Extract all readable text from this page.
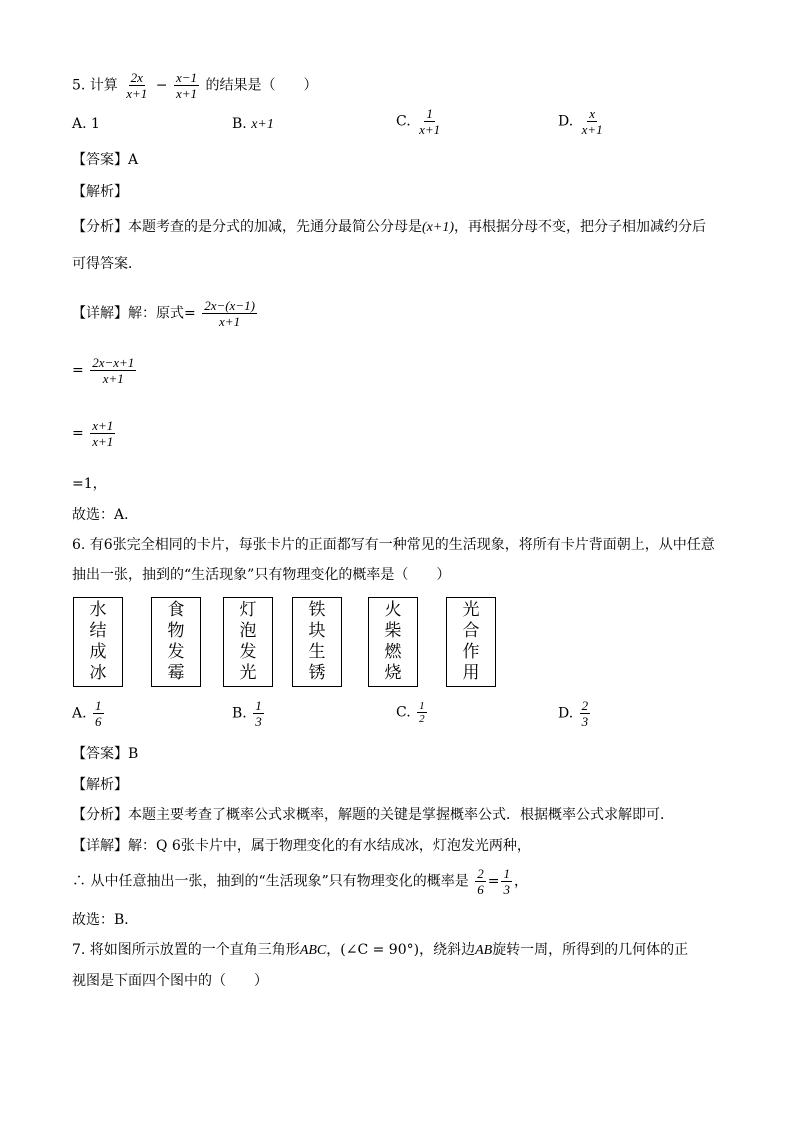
5. 计算 $\frac{2x}{x+1} - \frac{x-1}{x+1}$ 的结果是（　　）
A. 1	B. x+1	C. $\frac{1}{x+1}$	D. $\frac{x}{x+1}$
【答案】A
【解析】
【分析】本题考查的是分式的加减，先通分最简公分母是(x+1)，再根据分母不变，把分子相加减约分后
可得答案．
【详解】解：原式= $\frac{2x-(x-1)}{x+1}$
= $\frac{2x-x+1}{x+1}$
= $\frac{x+1}{x+1}$
=1，
故选：A．
6. 有6张完全相同的卡片，每张卡片的正面都写有一种常见的生活现象，将所有卡片背面朝上，从中任意
抽出一张，抽到的“生活现象”只有物理变化的概率是（　　）
水
结
成
冰
食
物
发
霉
灯
泡
发
光
铁
块
生
锈
火
柴
燃
烧
光
合
作
用
A. $\frac{1}{6}$	B. $\frac{1}{3}$	C. $\frac{1}{2}$	D. $\frac{2}{3}$
【答案】B
【解析】
【分析】本题主要考查了概率公式求概率，解题的关键是掌握概率公式．根据概率公式求解即可．
【详解】解：Q 6张卡片中，属于物理变化的有水结成冰，灯泡发光两种，
∴ 从中任意抽出一张，抽到的“生活现象”只有物理变化的概率是 $\frac{2}{6} = \frac{1}{3}$ ，
故选：B．
7. 将如图所示放置的一个直角三角形ABC，(∠C = 90°)，绕斜边AB旋转一周，所得到的几何体的正
视图是下面四个图中的（　　）
